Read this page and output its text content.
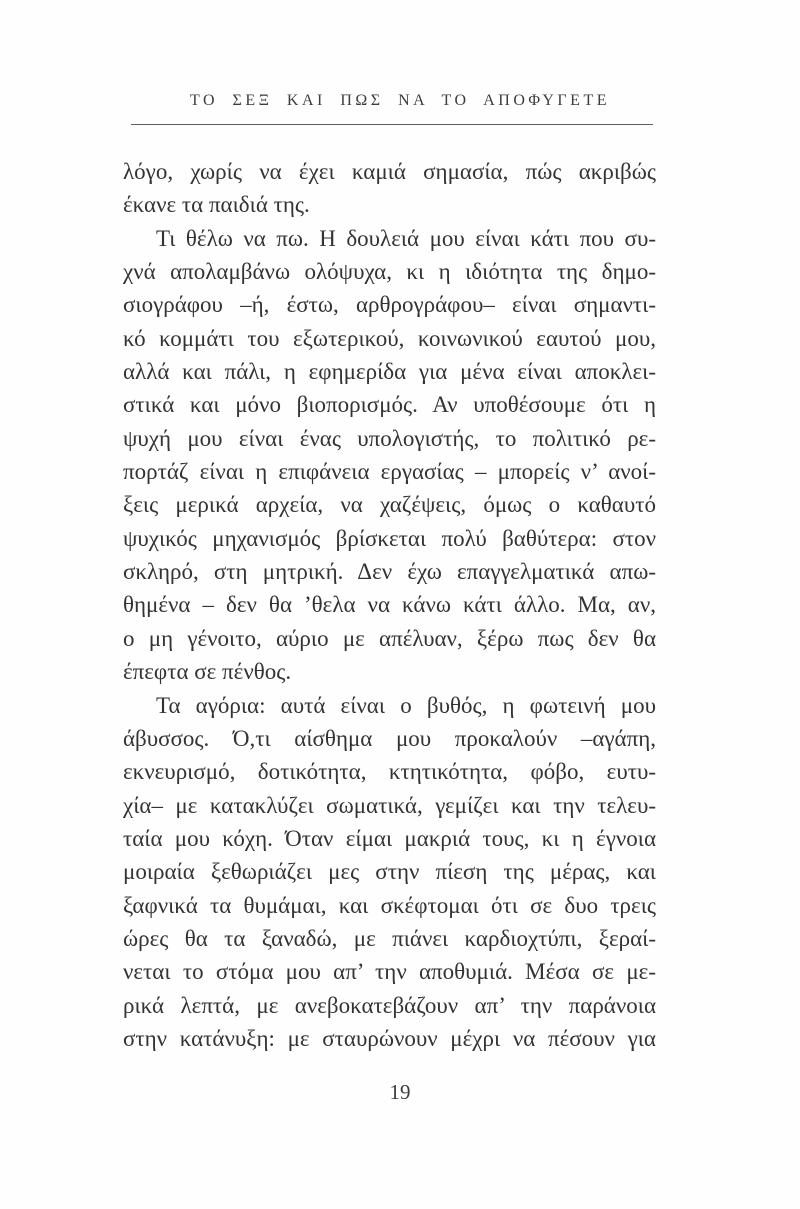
ΤΟ ΣΕΞ ΚΑΙ ΠΩΣ ΝΑ ΤΟ ΑΠΟΦΥΓΕΤΕ
λόγο, χωρίς να έχει καμιά σημασία, πώς ακριβώς
έκανε τα παιδιά της.
Τι θέλω να πω. Η δουλειά μου είναι κάτι που συ-
χνά απολαμβάνω ολόψυχα, κι η ιδιότητα της δημο-
σιογράφου –ή, έστω, αρθρογράφου– είναι σημαντι-
κό κομμάτι του εξωτερικού, κοινωνικού εαυτού μου,
αλλά και πάλι, η εφημερίδα για μένα είναι αποκλει-
στικά και μόνο βιοπορισμός. Αν υποθέσουμε ότι η
ψυχή μου είναι ένας υπολογιστής, το πολιτικό ρε-
πορτάζ είναι η επιφάνεια εργασίας – μπορείς ν’ ανοί-
ξεις μερικά αρχεία, να χαζέψεις, όμως ο καθαυτό
ψυχικός μηχανισμός βρίσκεται πολύ βαθύτερα: στον
σκληρό, στη μητρική. Δεν έχω επαγγελματικά απω-
θημένα – δεν θα ’θελα να κάνω κάτι άλλο. Μα, αν,
ο μη γένοιτο, αύριο με απέλυαν, ξέρω πως δεν θα
έπεφτα σε πένθος.
Τα αγόρια: αυτά είναι ο βυθός, η φωτεινή μου
άβυσσος. Ό,τι αίσθημα μου προκαλούν –αγάπη,
εκνευρισμό, δοτικότητα, κτητικότητα, φόβο, ευτυ-
χία– με κατακλύζει σωματικά, γεμίζει και την τελευ-
ταία μου κόχη. Όταν είμαι μακριά τους, κι η έγνοια
μοιραία ξεθωριάζει μες στην πίεση της μέρας, και
ξαφνικά τα θυμάμαι, και σκέφτομαι ότι σε δυο τρεις
ώρες θα τα ξαναδώ, με πιάνει καρδιοχτύπι, ξεραί-
νεται το στόμα μου απ’ την αποθυμιά. Μέσα σε με-
ρικά λεπτά, με ανεβοκατεβάζουν απ’ την παράνοια
στην κατάνυξη: με σταυρώνουν μέχρι να πέσουν για
19
